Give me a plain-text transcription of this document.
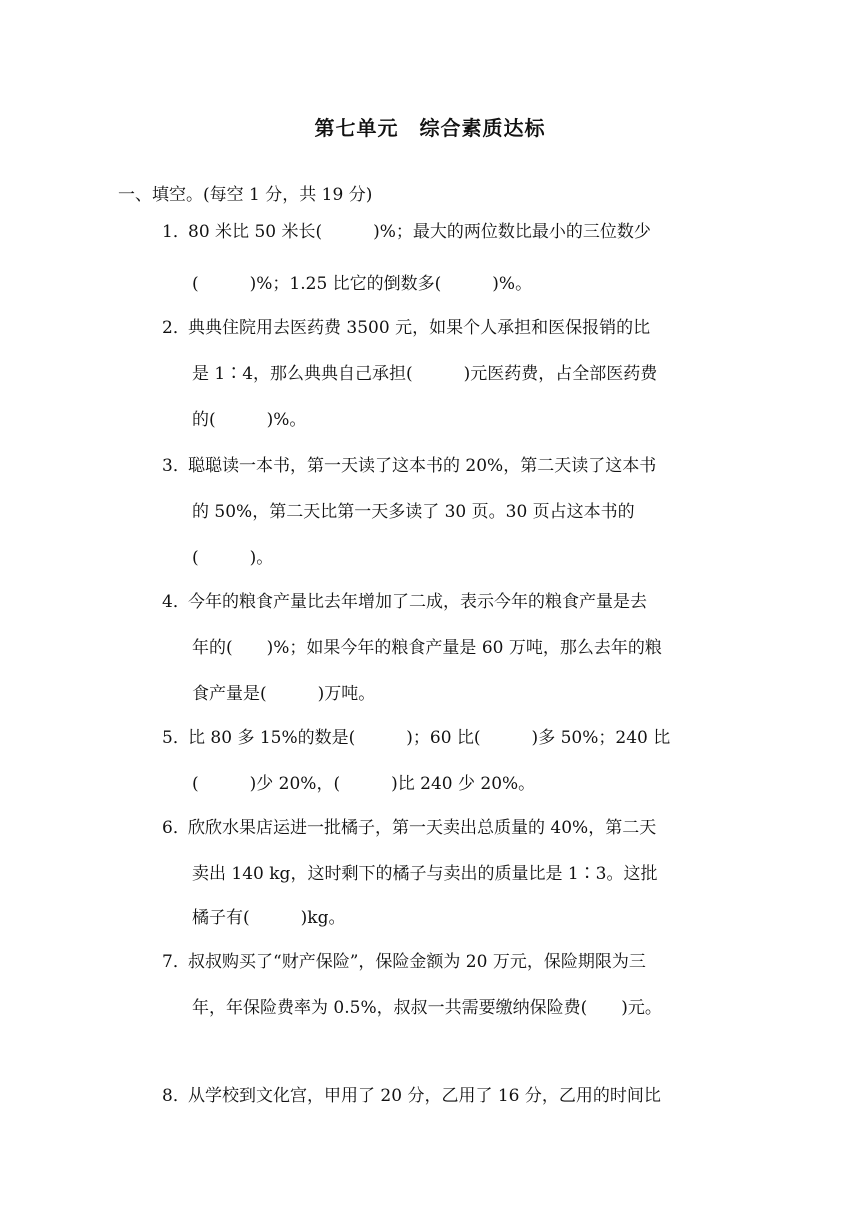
第七单元　综合素质达标
一、填空。(每空 1 分，共 19 分)
1．
80 米比 50 米长(　　　)%；最大的两位数比最小的三位数少
(　　　)%；1.25 比它的倒数多(　　　)%。
2．
典典住院用去医药费 3500 元，如果个人承担和医保报销的比
是 1∶4，那么典典自己承担(　　　)元医药费，占全部医药费
的(　　　)%。
3．
聪聪读一本书，第一天读了这本书的 20%，第二天读了这本书
的 50%，第二天比第一天多读了 30 页。30 页占这本书的
(　　　)。
4．
今年的粮食产量比去年增加了二成，表示今年的粮食产量是去
年的(　　)%；如果今年的粮食产量是 60 万吨，那么去年的粮
食产量是(　　　)万吨。
5．
比 80 多 15%的数是(　　　)；60 比(　　　)多 50%；240 比
(　　　)少 20%，(　　　)比 240 少 20%。
6．
欣欣水果店运进一批橘子，第一天卖出总质量的 40%，第二天
卖出 140 kg，这时剩下的橘子与卖出的质量比是 1∶3。这批
橘子有(　　　)kg。
7．
叔叔购买了“财产保险”，保险金额为 20 万元，保险期限为三
年，年保险费率为 0.5%，叔叔一共需要缴纳保险费(　　)元。
8．
从学校到文化宫，甲用了 20 分，乙用了 16 分，乙用的时间比
